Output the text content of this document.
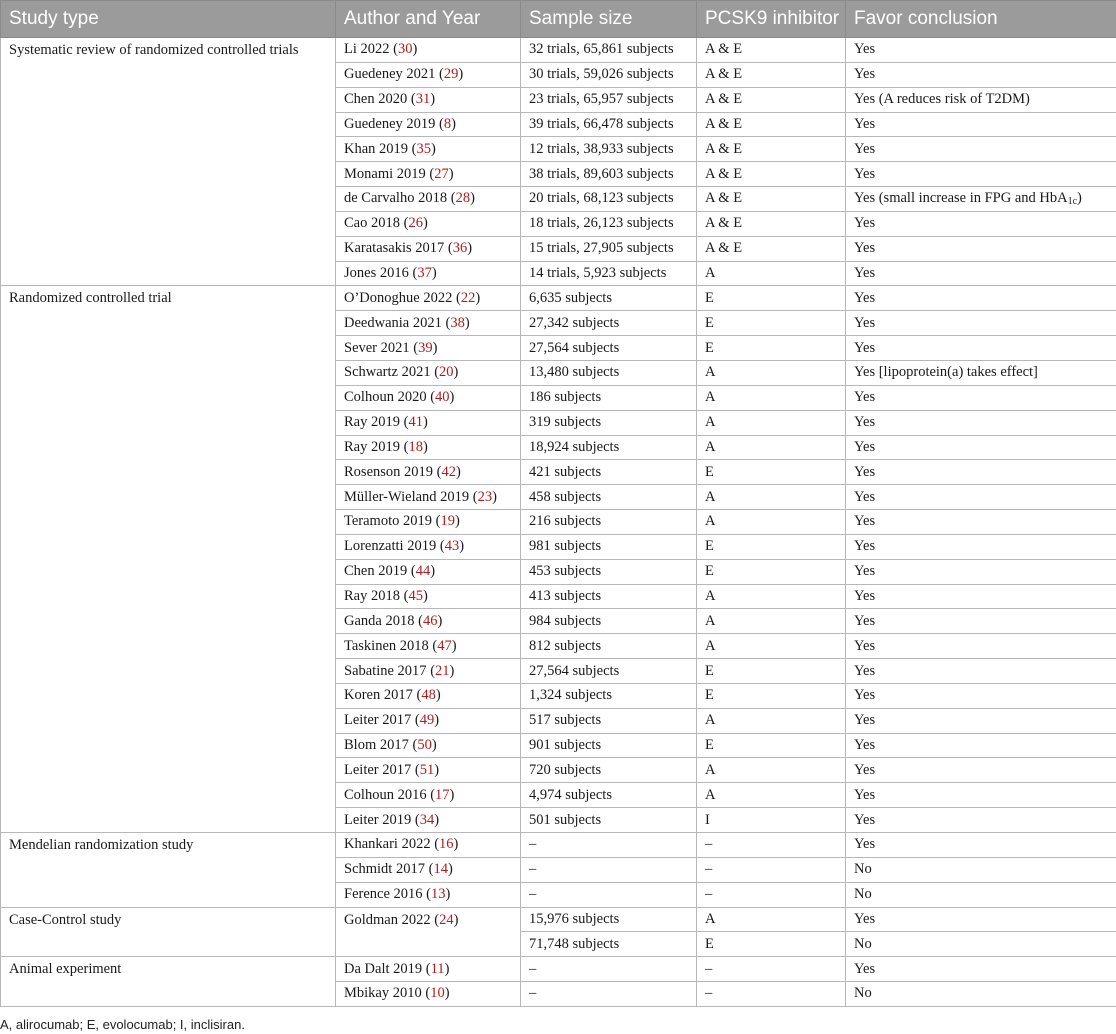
Study type	Author and Year	Sample size	PCSK9 inhibitor	Favor conclusion
Systematic review of randomized controlled trials	Li 2022 (30)	32 trials, 65,861 subjects	A & E	Yes
	Guedeney 2021 (29)	30 trials, 59,026 subjects	A & E	Yes
	Chen 2020 (31)	23 trials, 65,957 subjects	A & E	Yes (A reduces risk of T2DM)
	Guedeney 2019 (8)	39 trials, 66,478 subjects	A & E	Yes
	Khan 2019 (35)	12 trials, 38,933 subjects	A & E	Yes
	Monami 2019 (27)	38 trials, 89,603 subjects	A & E	Yes
	de Carvalho 2018 (28)	20 trials, 68,123 subjects	A & E	Yes (small increase in FPG and HbA$_{1c}$)
	Cao 2018 (26)	18 trials, 26,123 subjects	A & E	Yes
	Karatasakis 2017 (36)	15 trials, 27,905 subjects	A & E	Yes
	Jones 2016 (37)	14 trials, 5,923 subjects	A	Yes
Randomized controlled trial	O’Donoghue 2022 (22)	6,635 subjects	E	Yes
	Deedwania 2021 (38)	27,342 subjects	E	Yes
	Sever 2021 (39)	27,564 subjects	E	Yes
	Schwartz 2021 (20)	13,480 subjects	A	Yes [lipoprotein(a) takes effect]
	Colhoun 2020 (40)	186 subjects	A	Yes
	Ray 2019 (41)	319 subjects	A	Yes
	Ray 2019 (18)	18,924 subjects	A	Yes
	Rosenson 2019 (42)	421 subjects	E	Yes
	Müller-Wieland 2019 (23)	458 subjects	A	Yes
	Teramoto 2019 (19)	216 subjects	A	Yes
	Lorenzatti 2019 (43)	981 subjects	E	Yes
	Chen 2019 (44)	453 subjects	E	Yes
	Ray 2018 (45)	413 subjects	A	Yes
	Ganda 2018 (46)	984 subjects	A	Yes
	Taskinen 2018 (47)	812 subjects	A	Yes
	Sabatine 2017 (21)	27,564 subjects	E	Yes
	Koren 2017 (48)	1,324 subjects	E	Yes
	Leiter 2017 (49)	517 subjects	A	Yes
	Blom 2017 (50)	901 subjects	E	Yes
	Leiter 2017 (51)	720 subjects	A	Yes
	Colhoun 2016 (17)	4,974 subjects	A	Yes
	Leiter 2019 (34)	501 subjects	I	Yes
Mendelian randomization study	Khankari 2022 (16)	–	–	Yes
	Schmidt 2017 (14)	–	–	No
	Ference 2016 (13)	–	–	No
Case-Control study	Goldman 2022 (24)	15,976 subjects	A	Yes
		71,748 subjects	E	No
Animal experiment	Da Dalt 2019 (11)	–	–	Yes
	Mbikay 2010 (10)	–	–	No
A, alirocumab; E, evolocumab; I, inclisiran.
